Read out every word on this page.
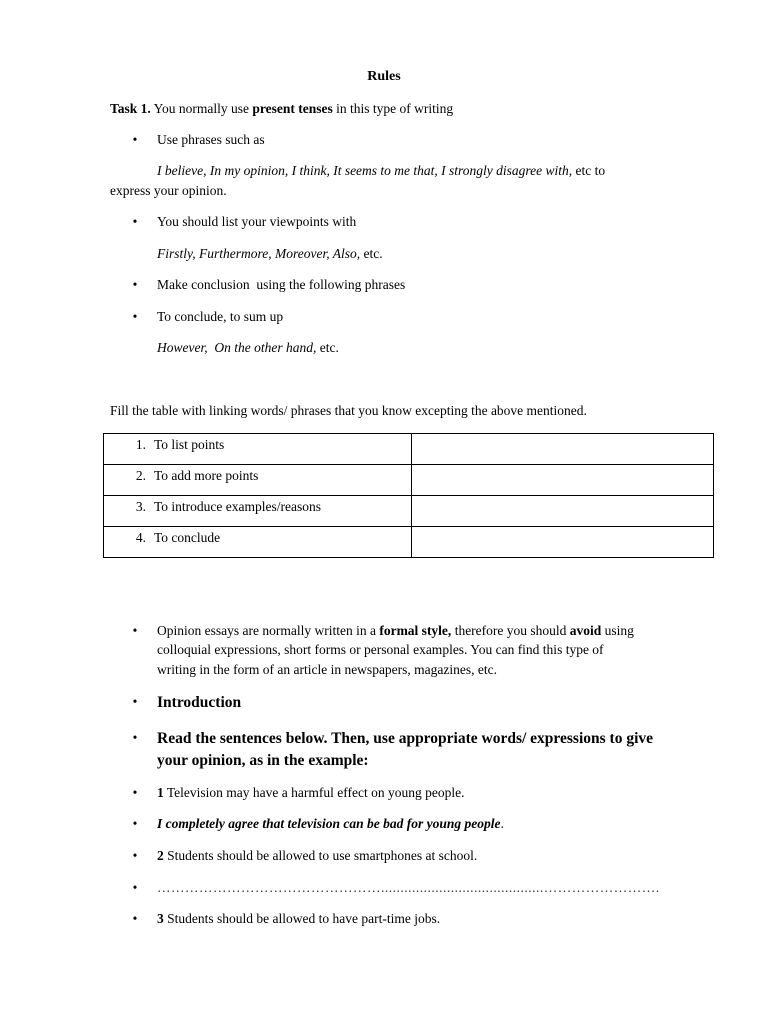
Rules
Task 1. You normally use present tenses in this type of writing
• Use phrases such as
I believe, In my opinion, I think, It seems to me that, I strongly disagree with, etc to
express your opinion.
• You should list your viewpoints with
Firstly, Furthermore, Moreover, Also, etc.
• Make conclusion  using the following phrases
• To conclude, to sum up
However,  On the other hand, etc.
Fill the table with linking words/ phrases that you know excepting the above mentioned.
1. To list points	

2. To add more points	

3. To introduce examples/reasons	

4. To conclude	

• Opinion essays are normally written in a formal style, therefore you should avoid using
colloquial expressions, short forms or personal examples. You can find this type of
writing in the form of an article in newspapers, magazines, etc.
• Introduction
• Read the sentences below. Then, use appropriate words/ expressions to give
your opinion, as in the example:
• 1 Television may have a harmful effect on young people.
• I completely agree that television can be bad for young people.
• 2 Students should be allowed to use smartphones at school.
• …………………………………………..........................................…………………….
• 3 Students should be allowed to have part-time jobs.
